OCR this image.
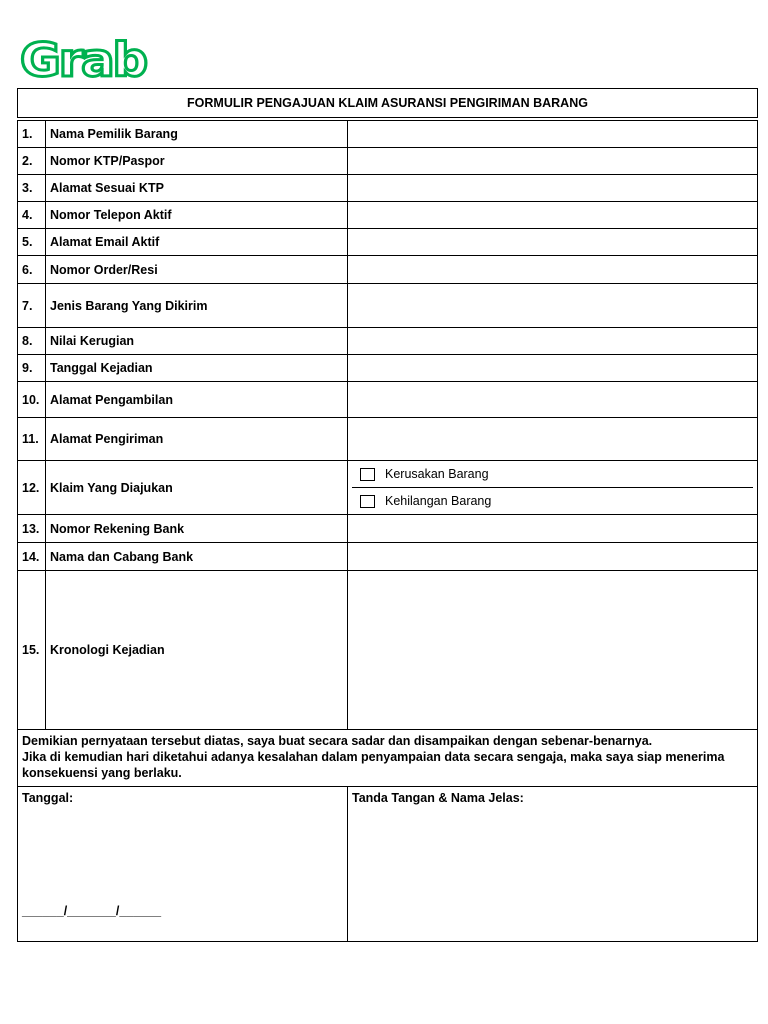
Grab
FORMULIR PENGAJUAN KLAIM ASURANSI PENGIRIMAN BARANG
1.	Nama Pemilik Barang	
2.	Nomor KTP/Paspor	
3.	Alamat Sesuai KTP	
4.	Nomor Telepon Aktif	
5.	Alamat Email Aktif	
6.	Nomor Order/Resi	
7.	Jenis Barang Yang Dikirim	
8.	Nilai Kerugian	
9.	Tanggal Kejadian	
10.	Alamat Pengambilan	
11.	Alamat Pengiriman	
12.	Klaim Yang Diajukan	Kerusakan Barang
Kehilangan Barang

13.	Nomor Rekening Bank	
14.	Nama dan Cabang Bank	
15.	Kronologi Kejadian	
Demikian pernyataan tersebut diatas, saya buat secara sadar dan disampaikan dengan sebenar-benarnya.
Jika di kemudian hari diketahui adanya kesalahan dalam penyampaian data secara sengaja, maka saya siap menerima konsekuensi yang berlaku.
Tanggal:
______/_______/______
Tanda Tangan & Nama Jelas:
